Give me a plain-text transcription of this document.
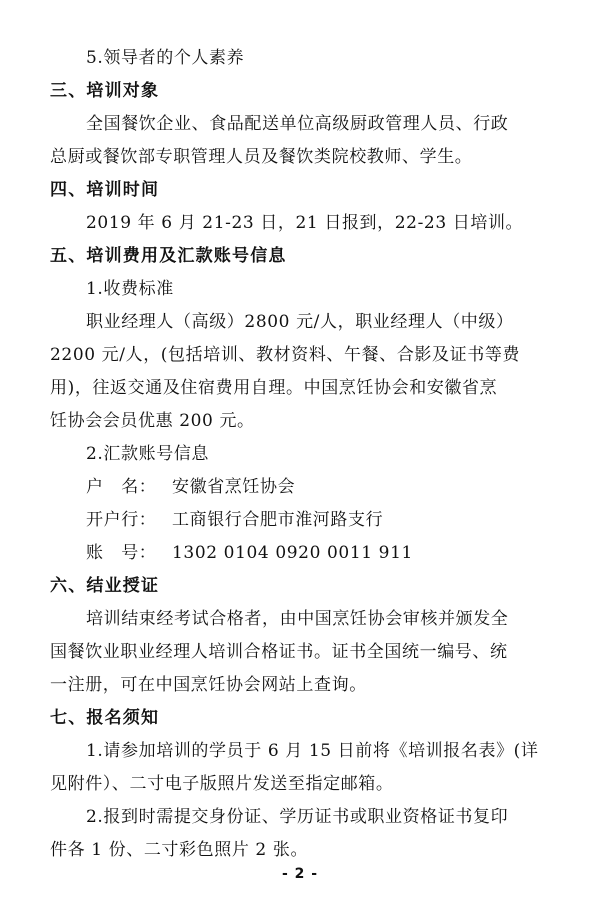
5.领导者的个人素养
三、培训对象
全国餐饮企业、食品配送单位高级厨政管理人员、行政
总厨或餐饮部专职管理人员及餐饮类院校教师、学生。
四、培训时间
2019 年 6 月 21-23 日，21 日报到，22-23 日培训。
五、培训费用及汇款账号信息
1.收费标准
职业经理人（高级）2800 元/人，职业经理人（中级）
2200 元/人，(包括培训、教材资料、午餐、合影及证书等费
用)，往返交通及住宿费用自理。中国烹饪协会和安徽省烹
饪协会会员优惠 200 元。
2.汇款账号信息
户　名： 安徽省烹饪协会
开户行： 工商银行合肥市淮河路支行
账　号： 1302 0104 0920 0011 911
六、结业授证
培训结束经考试合格者，由中国烹饪协会审核并颁发全
国餐饮业职业经理人培训合格证书。证书全国统一编号、统
一注册，可在中国烹饪协会网站上查询。
七、报名须知
1.请参加培训的学员于 6 月 15 日前将《培训报名表》(详
见附件）、二寸电子版照片发送至指定邮箱。
2.报到时需提交身份证、学历证书或职业资格证书复印
件各 1 份、二寸彩色照片 2 张。
- 2 -
